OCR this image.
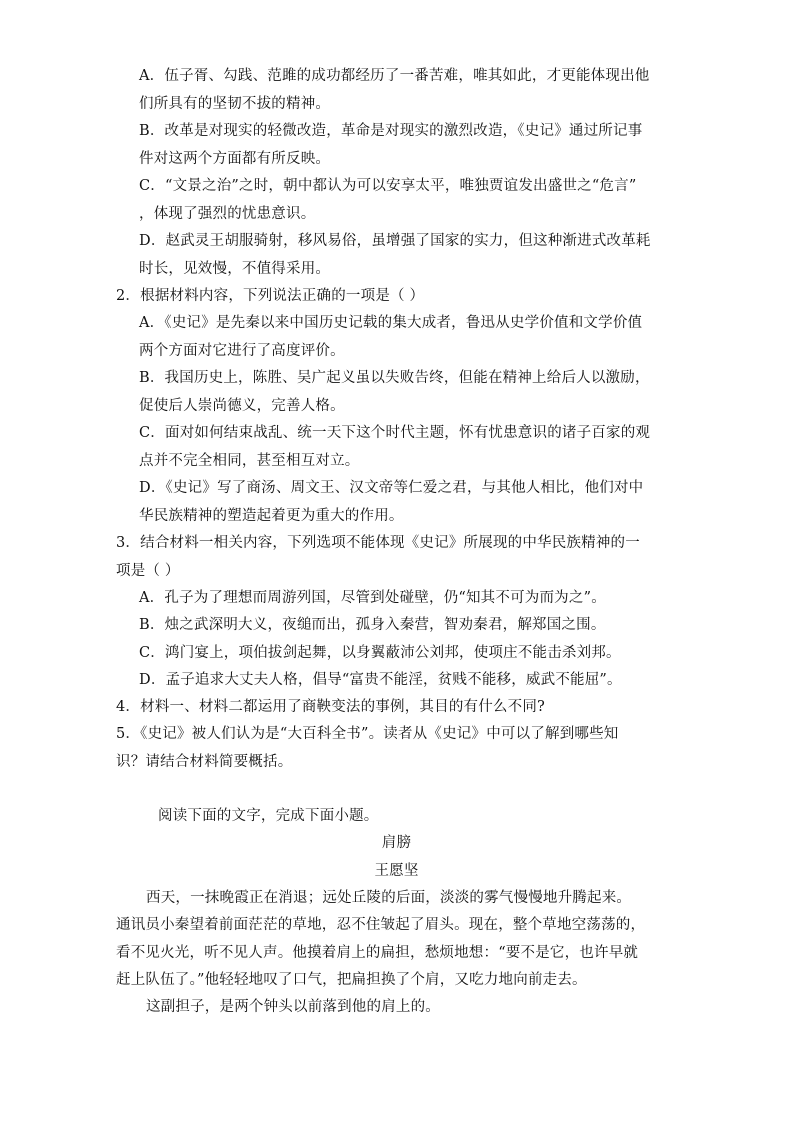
A．伍子胥、勾践、范雎的成功都经历了一番苦难，唯其如此，才更能体现出他
们所具有的坚韧不拔的精神。
B．改革是对现实的轻微改造，革命是对现实的激烈改造，《史记》通过所记事
件对这两个方面都有所反映。
C．“文景之治”之时，朝中都认为可以安享太平，唯独贾谊发出盛世之“危言”
，体现了强烈的忧患意识。
D．赵武灵王胡服骑射，移风易俗，虽增强了国家的实力，但这种渐进式改革耗
时长，见效慢，不值得采用。
2．根据材料内容，下列说法正确的一项是（ ）
A．《史记》是先秦以来中国历史记载的集大成者，鲁迅从史学价值和文学价值
两个方面对它进行了高度评价。
B．我国历史上，陈胜、吴广起义虽以失败告终，但能在精神上给后人以激励，
促使后人崇尚德义，完善人格。
C．面对如何结束战乱、统一天下这个时代主题，怀有忧患意识的诸子百家的观
点并不完全相同，甚至相互对立。
D．《史记》写了商汤、周文王、汉文帝等仁爱之君，与其他人相比，他们对中
华民族精神的塑造起着更为重大的作用。
3．结合材料一相关内容，下列选项不能体现《史记》所展现的中华民族精神的一
项是（ ）
A．孔子为了理想而周游列国，尽管到处碰壁，仍“知其不可为而为之”。
B．烛之武深明大义，夜缒而出，孤身入秦营，智劝秦君，解郑国之围。
C．鸿门宴上，项伯拔剑起舞，以身翼蔽沛公刘邦，使项庄不能击杀刘邦。
D．孟子追求大丈夫人格，倡导“富贵不能淫，贫贱不能移，威武不能屈”。
4．材料一、材料二都运用了商鞅变法的事例，其目的有什么不同?
5．《史记》被人们认为是“大百科全书”。读者从《史记》中可以了解到哪些知
识？请结合材料简要概括。
阅读下面的文字，完成下面小题。
肩膀
王愿坚
西天，一抹晚霞正在消退；远处丘陵的后面，淡淡的雾气慢慢地升腾起来。
通讯员小秦望着前面茫茫的草地，忍不住皱起了眉头。现在，整个草地空荡荡的，
看不见火光，听不见人声。他摸着肩上的扁担，愁烦地想：“要不是它，也许早就
赶上队伍了。”他轻轻地叹了口气，把扁担换了个肩，又吃力地向前走去。
这副担子，是两个钟头以前落到他的肩上的。
